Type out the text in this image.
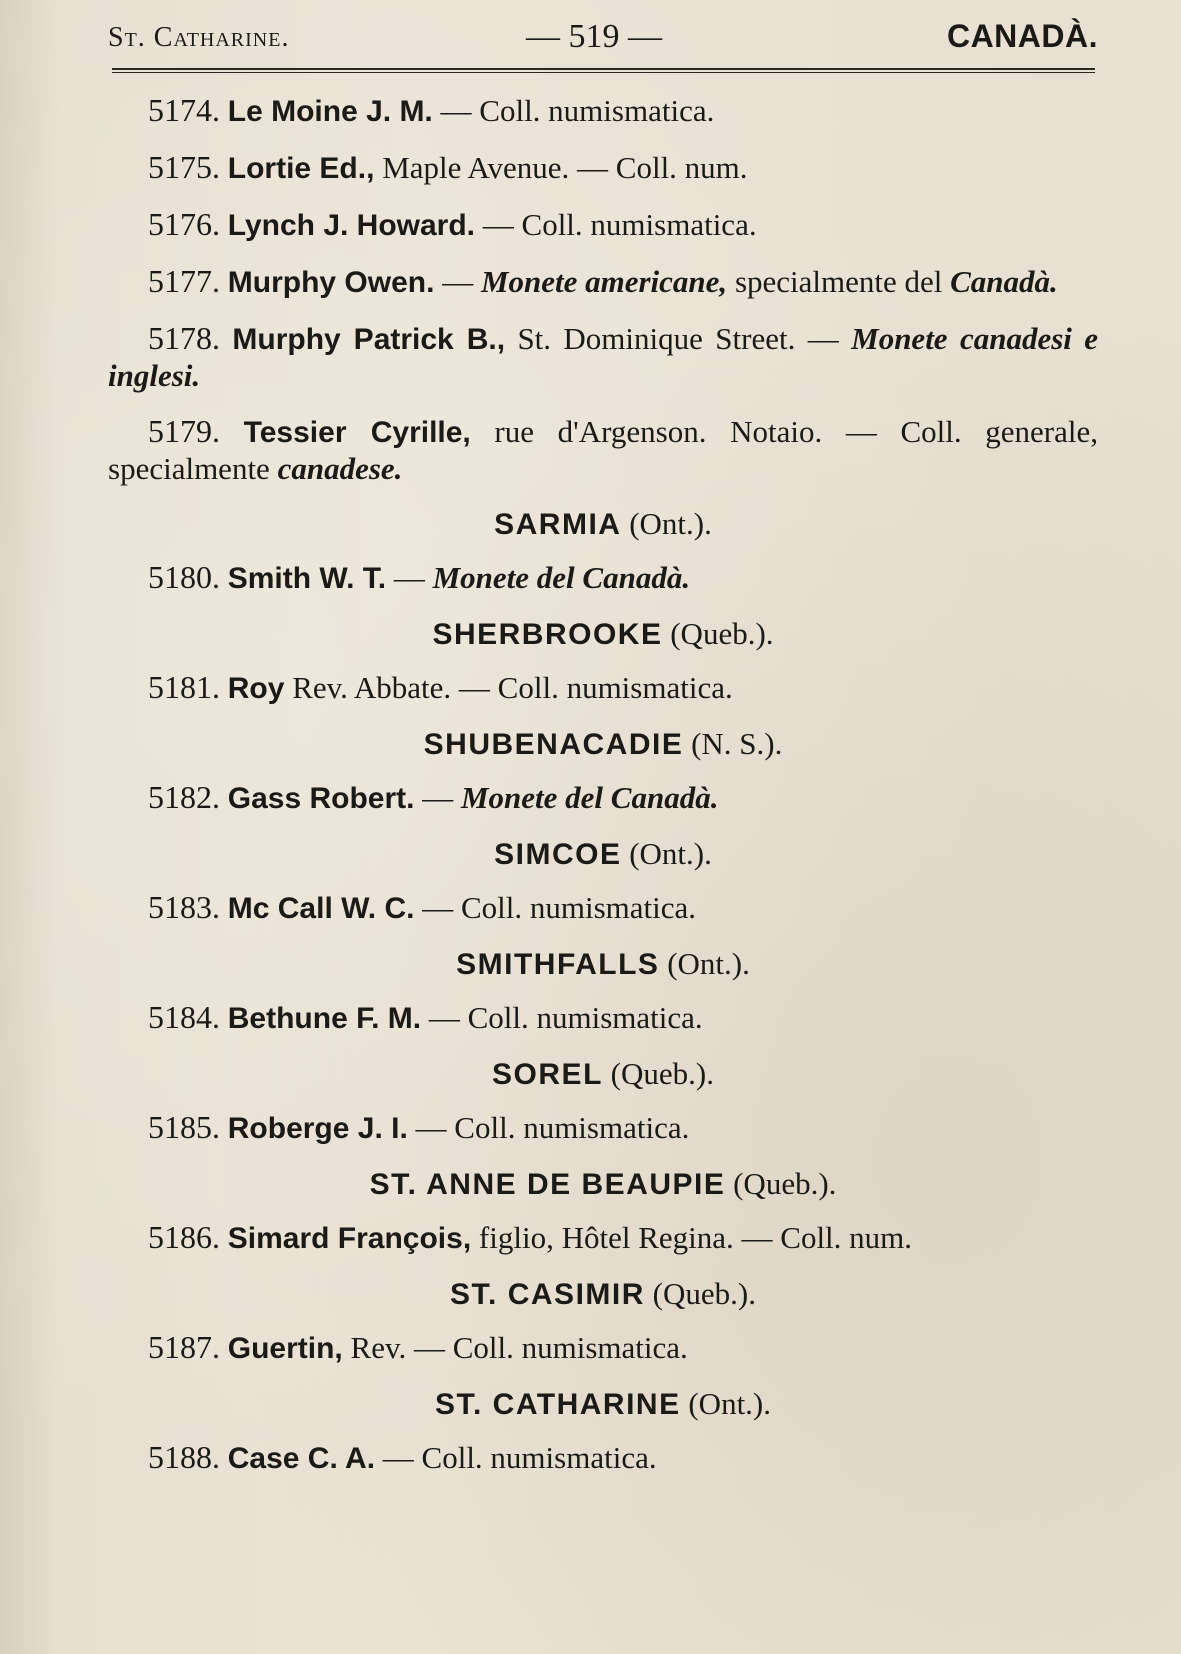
St. Catharine.	— 519 —	CANADÀ.

5174. Le Moine J. M. — Coll. numismatica.

5175. Lortie Ed., Maple Avenue. — Coll. num.

5176. Lynch J. Howard. — Coll. numismatica.

5177. Murphy Owen. — Monete americane, specialmente del Canadà.

5178. Murphy Patrick B., St. Dominique Street. — Monete canadesi e inglesi.

5179. Tessier Cyrille, rue d'Argenson. Notaio. — Coll. generale, specialmente canadese.

SARMIA (Ont.).

5180. Smith W. T. — Monete del Canadà.

SHERBROOKE (Queb.).

5181. Roy Rev. Abbate. — Coll. numismatica.

SHUBENACADIE (N. S.).

5182. Gass Robert. — Monete del Canadà.

SIMCOE (Ont.).

5183. Mc Call W. C. — Coll. numismatica.

SMITHFALLS (Ont.).

5184. Bethune F. M. — Coll. numismatica.

SOREL (Queb.).

5185. Roberge J. I. — Coll. numismatica.

ST. ANNE DE BEAUPIE (Queb.).

5186. Simard François, figlio, Hôtel Regina. — Coll. num.

ST. CASIMIR (Queb.).

5187. Guertin, Rev. — Coll. numismatica.

ST. CATHARINE (Ont.).

5188. Case C. A. — Coll. numismatica.
